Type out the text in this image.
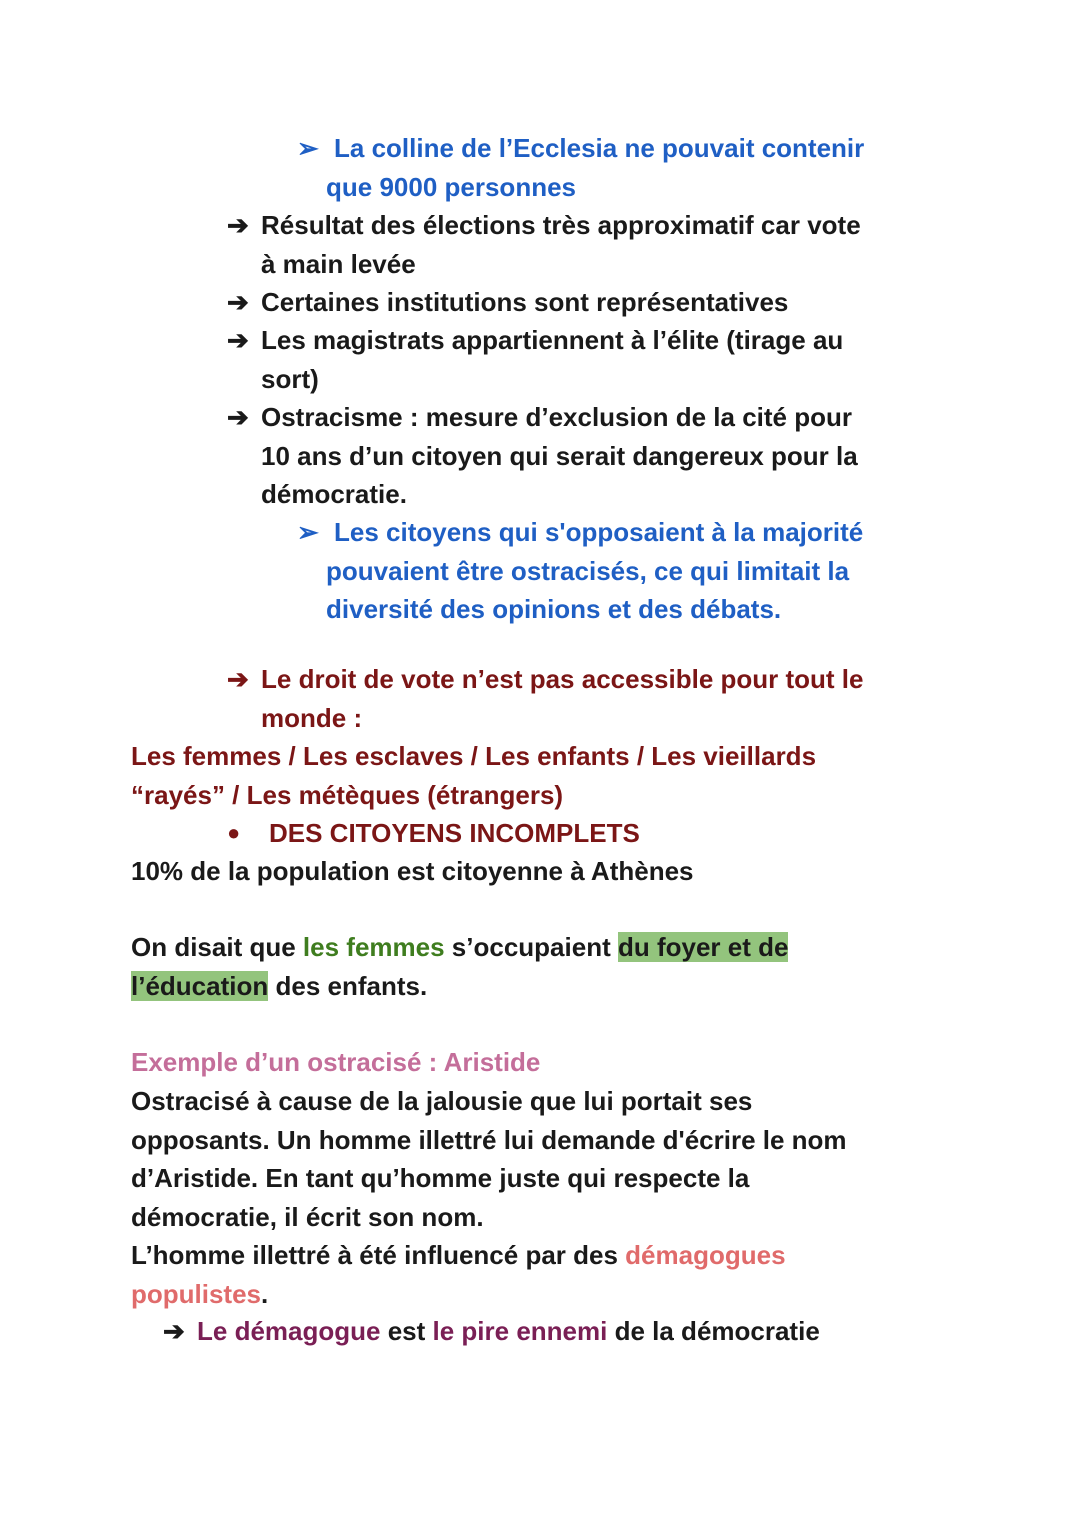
➢ La colline de l’Ecclesia ne pouvait contenir
que 9000 personnes
➔ Résultat des élections très approximatif car vote
à main levée
➔ Certaines institutions sont représentatives
➔ Les magistrats appartiennent à l’élite (tirage au
sort)
➔ Ostracisme : mesure d’exclusion de la cité pour
10 ans d’un citoyen qui serait dangereux pour la
démocratie.
➢ Les citoyens qui s'opposaient à la majorité
pouvaient être ostracisés, ce qui limitait la
diversité des opinions et des débats.
➔ Le droit de vote n’est pas accessible pour tout le
monde :
Les femmes / Les esclaves / Les enfants / Les vieillards
“rayés” / Les métèques (étrangers)
● DES CITOYENS INCOMPLETS
10% de la population est citoyenne à Athènes
On disait que les femmes s’occupaient du foyer et de
l’éducation des enfants.
Exemple d’un ostracisé : Aristide
Ostracisé à cause de la jalousie que lui portait ses
opposants. Un homme illettré lui demande d'écrire le nom
d’Aristide. En tant qu’homme juste qui respecte la
démocratie, il écrit son nom.
L’homme illettré à été influencé par des démagogues
populistes.
➔ Le démagogue est le pire ennemi de la démocratie
